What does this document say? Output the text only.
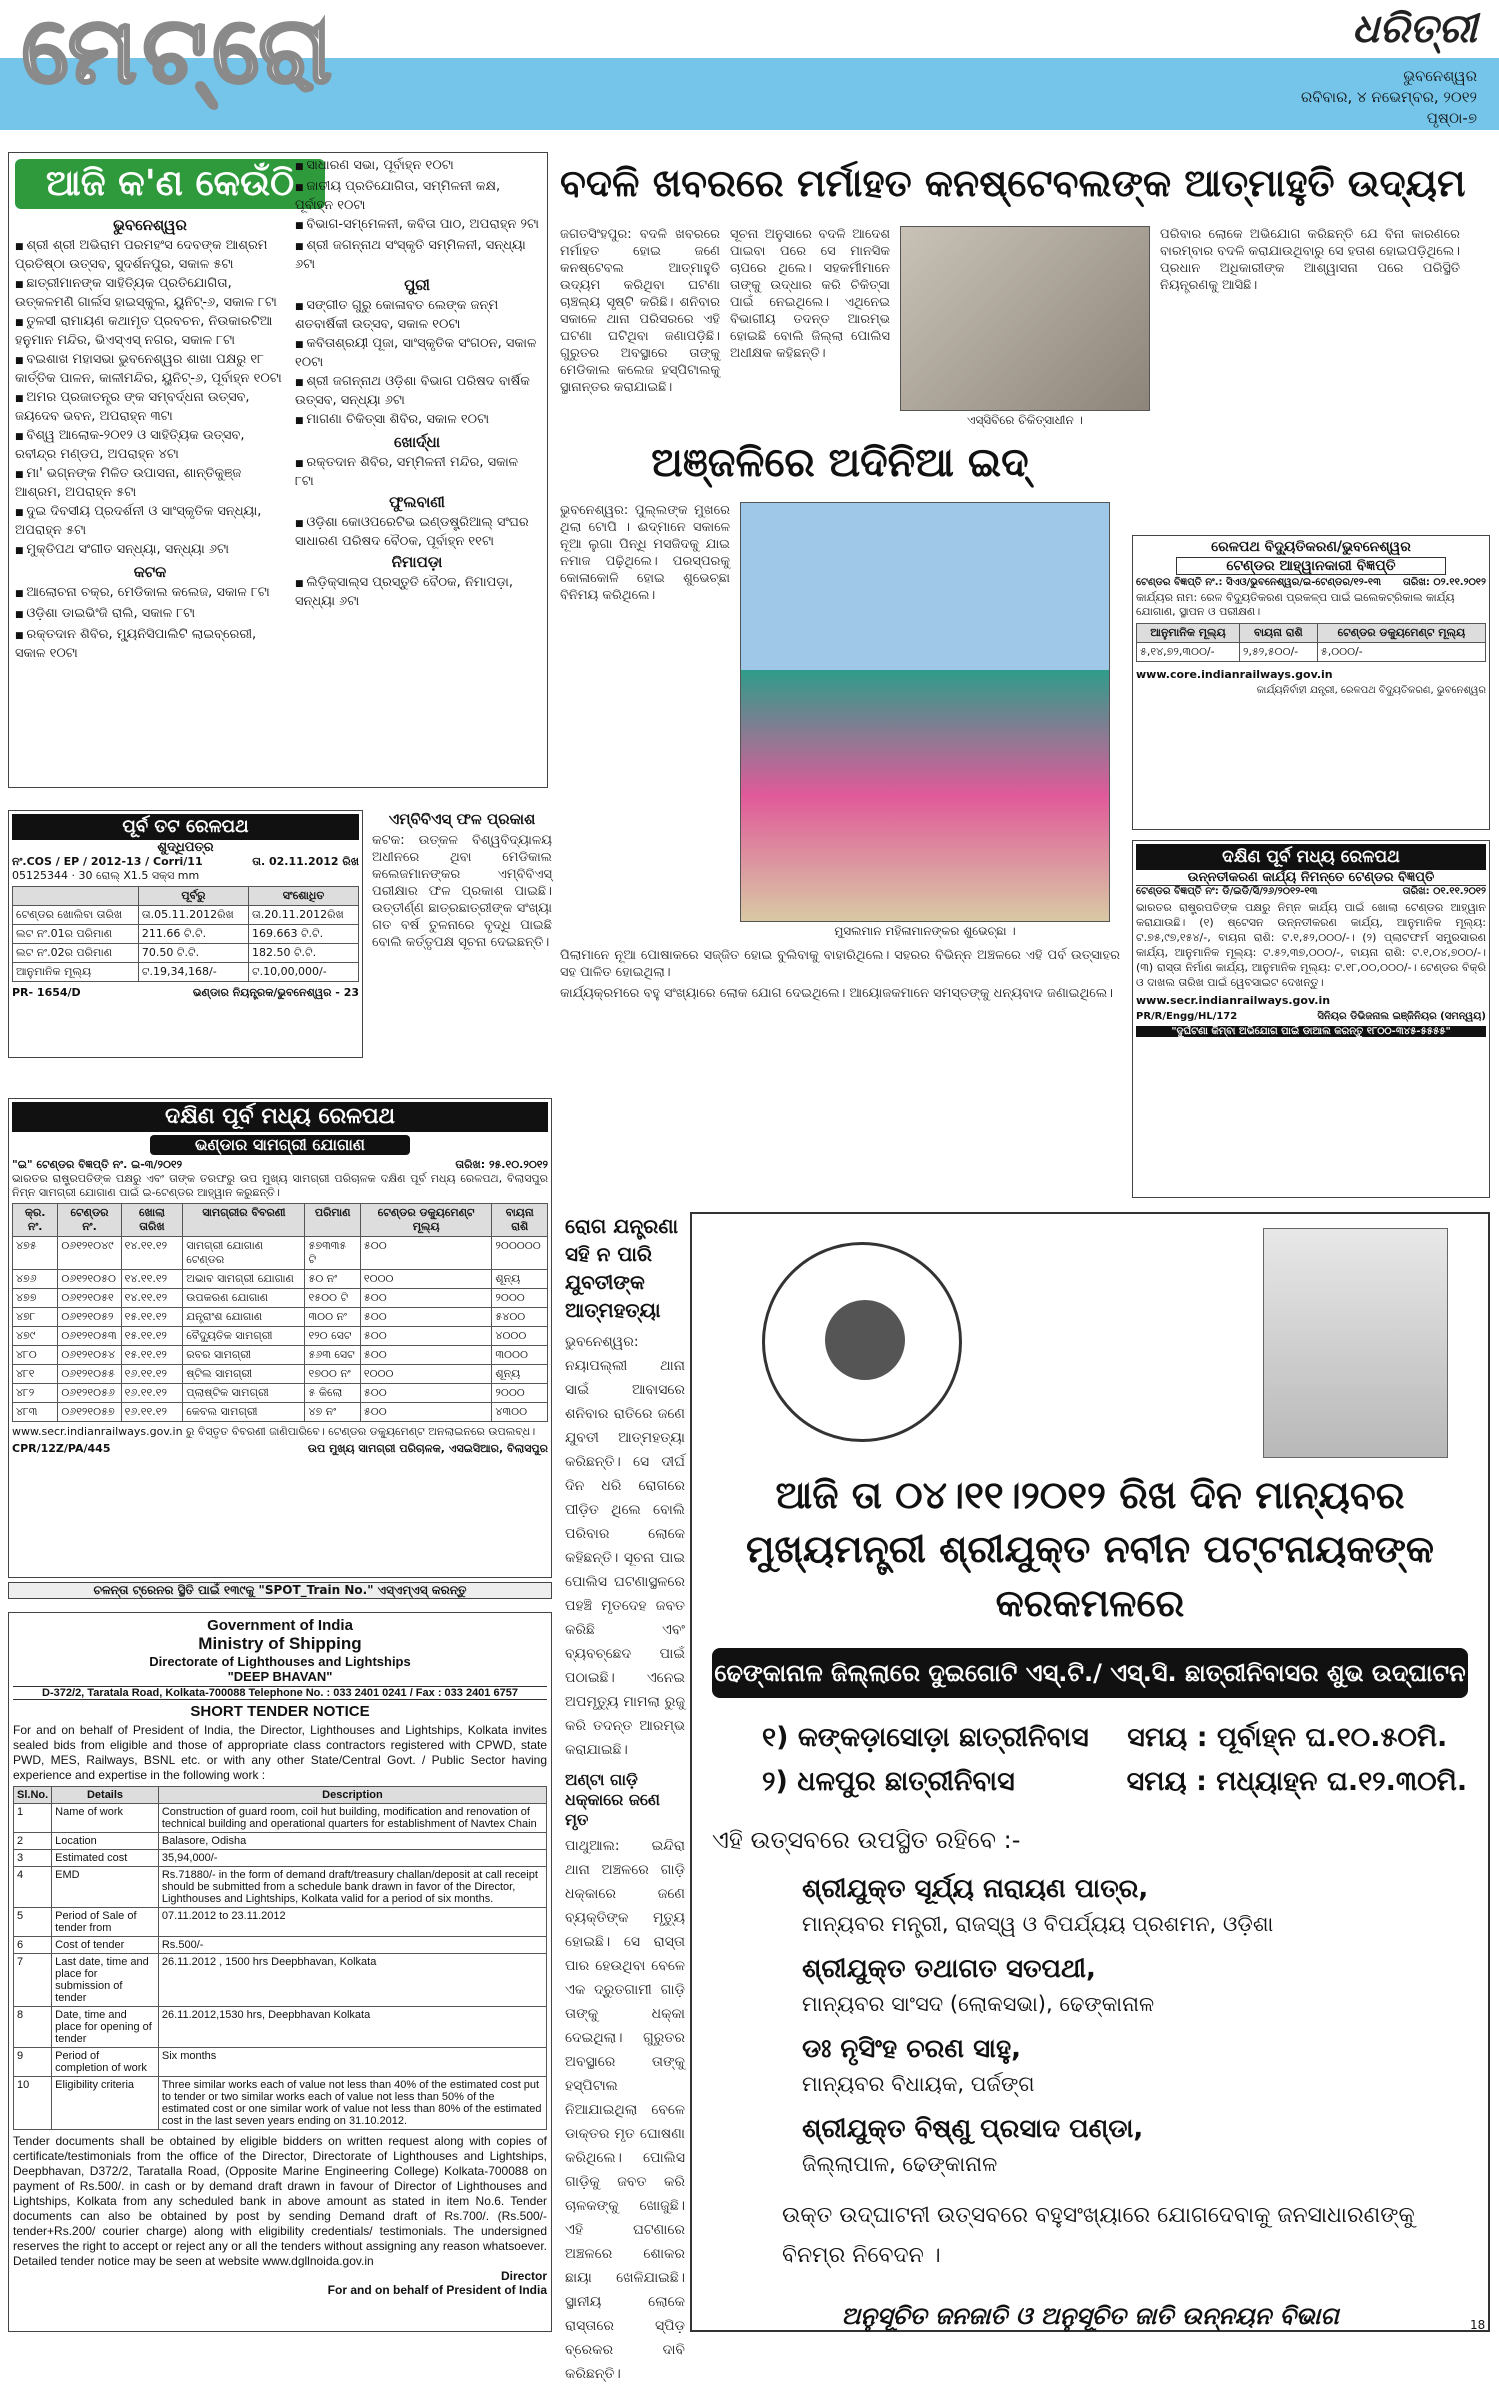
ମେଟ୍ରୋ	ଧରିତ୍ରୀ
ଭୁବନେଶ୍ୱର
ରବିବାର, ୪ ନଭେମ୍ବର, ୨୦୧୨
ପୃଷ୍ଠା-୭
ଆଜି କ'ଣ କେଉଁଠି
ଭୁବନେଶ୍ୱର
■ ଶ୍ରୀ ଶ୍ରୀ ଅଭିରାମ ପରମହଂସ ଦେବଙ୍କ ଆଶ୍ରମ ପ୍ରତିଷ୍ଠା ଉତ୍ସବ, ସୁଦର୍ଶନପୁର, ସକାଳ ୫ଟା
■ ଛାତ୍ରୀମାନଙ୍କ ସାହିତ୍ୟିକ ପ୍ରତିଯୋଗିତା, ଉତ୍କଳମଣି ଗାର୍ଲସ ହାଇସ୍କୁଲ, ୟୁନିଟ୍-୬, ସକାଳ ୮ଟା
■ ତୁଳସୀ ରାମାୟଣ କଥାମୃତ ପ୍ରବଚନ, ନିଉକାରଟିଆ ହନୁମାନ ମନ୍ଦିର, ଭିଏସ୍ଏସ୍ ନଗର, ସକାଳ ୮ଟା
■ ବଇଶାଖ ମହାସଭା ଭୁବନେଶ୍ୱର ଶାଖା ପକ୍ଷରୁ ୧୮ କାର୍ତ୍ତିକ ପାଳନ, କାଳୀମନ୍ଦିର, ୟୁନିଟ୍-୬, ପୂର୍ବାହ୍ନ ୧୦ଟା
■ ଅମର ପ୍ରଜାତନ୍ତ୍ର ଙ୍କ ସମ୍ବର୍ଦ୍ଧନା ଉତ୍ସବ, ଜୟଦେବ ଭବନ, ଅପରାହ୍ନ ୩ଟା
■ ବିଶ୍ୱ ଆଲୋକ-୨୦୧୨ ଓ ସାହିତ୍ୟିକ ଉତ୍ସବ, ରବୀନ୍ଦ୍ର ମଣ୍ଡପ, ଅପରାହ୍ନ ୪ଟା
■ ମା' ଭଗ୍ନଙ୍କ ମିଳିତ ଉପାସନା, ଶାନ୍ତିକୁଞ୍ଜ ଆଶ୍ରମ, ଅପରାହ୍ନ ୫ଟା
■ ଦୁଇ ଦିବସୀୟ ପ୍ରଦର୍ଶନୀ ଓ ସାଂସ୍କୃତିକ ସନ୍ଧ୍ୟା, ଅପରାହ୍ନ ୫ଟା
■ ମୁକ୍ତିପଥ ସଂଗୀତ ସନ୍ଧ୍ୟା, ସନ୍ଧ୍ୟା ୬ଟା
କଟକ
■ ଆଲୋଚନା ଚକ୍ର, ମେଡିକାଲ କଲେଜ, ସକାଳ ୮ଟା
■ ଓଡ଼ିଶା ଡାଇଭିଂଜି ରାଲି, ସକାଳ ୮ଟା
■ ରକ୍ତଦାନ ଶିବିର, ମ୍ୟୁନିସିପାଲିଟି ଲାଇବ୍ରେରୀ, ସକାଳ ୧୦ଟା
■ ସାଧାରଣ ସଭା, ପୂର୍ବାହ୍ନ ୧୦ଟା
■ ଜାତୀୟ ପ୍ରତିଯୋଗିତା, ସମ୍ମିଳନୀ କକ୍ଷ, ପୂର୍ବାହ୍ନ ୧୦ଟା
■ ବିଭାଗ-ସମ୍ମେଳନୀ, କବିତା ପାଠ, ଅପରାହ୍ନ ୨ଟା
■ ଶ୍ରୀ ଜଗନ୍ନାଥ ସଂସ୍କୃତି ସମ୍ମିଳନୀ, ସନ୍ଧ୍ୟା ୬ଟା
ପୁରୀ
■ ସଙ୍ଗୀତ ଗୁରୁ କୋଳାବତ ଲେଙ୍କ ଜନ୍ମ ଶତବାର୍ଷିକୀ ଉତ୍ସବ, ସକାଳ ୧୦ଟା
■ କବିତାଶ୍ରୟୀ ପୂଜା, ସାଂସ୍କୃତିକ ସଂଗଠନ, ସକାଳ ୧୦ଟା
■ ଶ୍ରୀ ଜଗନ୍ନାଥ ଓଡ଼ିଶା ବିଭାଗ ପରିଷଦ ବାର୍ଷିକ ଉତ୍ସବ, ସନ୍ଧ୍ୟା ୬ଟା
■ ମାଗଣା ଚିକିତ୍ସା ଶିବିର, ସକାଳ ୧୦ଟା
ଖୋର୍ଦ୍ଧା
■ ରକ୍ତଦାନ ଶିବିର, ସମ୍ମିଳନୀ ମନ୍ଦିର, ସକାଳ ୮ଟା
ଫୁଲବାଣୀ
■ ଓଡ଼ିଶା କୋଓପରେଟିଭ ଇଣ୍ଡଷ୍ଟ୍ରିଆଲ୍ ସଂଘର ସାଧାରଣ ପରିଷଦ ବୈଠକ, ପୂର୍ବାହ୍ନ ୧୧ଟା
ନିମାପଡ଼ା
■ ଲିଡ଼ିକ୍ସାଲ୍ସ ପ୍ରସ୍ତୁତି ବୈଠକ, ନିମାପଡ଼ା, ସନ୍ଧ୍ୟା ୬ଟା
ବଦଳି ଖବରରେ ମର୍ମାହତ କନଷ୍ଟେବଲଙ୍କ ଆତ୍ମାହୁତି ଉଦ୍ୟମ
ଜଗତସିଂହପୁର: ବଦଳି ଖବରରେ ମର୍ମାହତ ହୋଇ ଜଣେ କନଷ୍ଟେବଲ ଆତ୍ମାହୁତି ଉଦ୍ୟମ କରିଥିବା ଘଟଣା ଚାଞ୍ଚଲ୍ୟ ସୃଷ୍ଟି କରିଛି। ଶନିବାର ସକାଳେ ଥାନା ପରିସରରେ ଏହି ଘଟଣା ଘଟିଥିବା ଜଣାପଡ଼ିଛି। ଗୁରୁତର ଅବସ୍ଥାରେ ତାଙ୍କୁ ମେଡିକାଲ କଲେଜ ହସ୍ପିଟାଲକୁ ସ୍ଥାନାନ୍ତର କରାଯାଇଛି।
ସୂଚନା ଅନୁସାରେ ବଦଳି ଆଦେଶ ପାଇବା ପରେ ସେ ମାନସିକ ଚାପରେ ଥିଲେ। ସହକର୍ମୀମାନେ ତାଙ୍କୁ ଉଦ୍ଧାର କରି ଚିକିତ୍ସା ପାଇଁ ନେଇଥିଲେ। ଏଥିନେଇ ବିଭାଗୀୟ ତଦନ୍ତ ଆରମ୍ଭ ହୋଇଛି ବୋଲି ଜିଲ୍ଲା ପୋଲିସ ଅଧୀକ୍ଷକ କହିଛନ୍ତି।
ଏସ୍‌ସିବିରେ ଚିକିତ୍ସାଧୀନ ।
ପରିବାର ଲୋକେ ଅଭିଯୋଗ କରିଛନ୍ତି ଯେ ବିନା କାରଣରେ ବାରମ୍ବାର ବଦଳି କରାଯାଉଥିବାରୁ ସେ ହତାଶ ହୋଇପଡ଼ିଥିଲେ। ପ୍ରଧାନ ଅଧିକାରୀଙ୍କ ଆଶ୍ୱାସନା ପରେ ପରିସ୍ଥିତି ନିୟନ୍ତ୍ରଣକୁ ଆସିଛି।
ଅଞ୍ଜଳିରେ ଅଦିନିଆ ଇଦ୍
ଭୁବନେଶ୍ୱର: ପୁଲ୍ଲଙ୍କ ମୁଖରେ ଥିଲା ଟୋପି । ଈଦ୍‌ମାନେ ସକାଳେ ନୂଆ ଲୁଗା ପିନ୍ଧି ମସଜିଦକୁ ଯାଇ ନମାଜ ପଢ଼ିଥିଲେ। ପରସ୍ପରକୁ କୋଳାକୋଳି ହୋଇ ଶୁଭେଚ୍ଛା ବିନିମୟ କରିଥିଲେ।
ମୁସଲମାନ ମହିଳାମାନଙ୍କର ଶୁଭେଚ୍ଛା ।
ପିଲାମାନେ ନୂଆ ପୋଷାକରେ ସଜ୍ଜିତ ହୋଇ ବୁଲିବାକୁ ବାହାରିଥିଲେ। ସହରର ବିଭିନ୍ନ ଅଞ୍ଚଳରେ ଏହି ପର୍ବ ଉତ୍ସାହର ସହ ପାଳିତ ହୋଇଥିଲା।
କାର୍ଯ୍ୟକ୍ରମରେ ବହୁ ସଂଖ୍ୟାରେ ଲୋକ ଯୋଗ ଦେଇଥିଲେ। ଆୟୋଜକମାନେ ସମସ୍ତଙ୍କୁ ଧନ୍ୟବାଦ ଜଣାଇଥିଲେ।
ପୂର୍ବ ତଟ ରେଳପଥ
ଶୁଦ୍ଧିପତ୍ର
ନଂ.COS / EP / 2012-13 / Corri/11	ତା. 02.11.2012 ରିଖ
05125344 · 30 ରୋଲ୍ X1.5 ସକ୍ସ mm
	ପୂର୍ବରୁ	ସଂଶୋଧିତ
ଟେଣ୍ଡର ଖୋଲିବା ତାରିଖ	ତା.05.11.2012ରିଖ	ତା.20.11.2012ରିଖ
ଲଟ ନଂ.01ର ପରିମାଣ	211.66 ଟି.ଟି.	169.663 ଟି.ଟି.
ଲଟ ନଂ.02ର ପରିମାଣ	70.50 ଟି.ଟି.	182.50 ଟି.ଟି.
ଆନୁମାନିକ ମୂଲ୍ୟ	ଟ.19,34,168/-	ଟ.10,00,000/-
PR- 1654/D	ଭଣ୍ଡାର ନିୟନ୍ତ୍ରକ/ଭୁବନେଶ୍ୱର - 23
ଏମ୍‌ବିବିଏସ୍ ଫଳ ପ୍ରକାଶ
କଟକ: ଉତ୍କଳ ବିଶ୍ୱବିଦ୍ୟାଳୟ ଅଧୀନରେ ଥିବା ମେଡିକାଲ କଲେଜମାନଙ୍କର ଏମ୍‌ବିବିଏସ୍ ପରୀକ୍ଷାର ଫଳ ପ୍ରକାଶ ପାଇଛି। ଉତ୍ତୀର୍ଣ୍ଣ ଛାତ୍ରଛାତ୍ରୀଙ୍କ ସଂଖ୍ୟା ଗତ ବର୍ଷ ତୁଳନାରେ ବୃଦ୍ଧି ପାଇଛି ବୋଲି କର୍ତ୍ତୃପକ୍ଷ ସୂଚନା ଦେଇଛନ୍ତି।
ଦକ୍ଷିଣ ପୂର୍ବ ମଧ୍ୟ ରେଳପଥ
ଭଣ୍ଡାର ସାମଗ୍ରୀ ଯୋଗାଣ
"ଇ" ଟେଣ୍ଡର ବିଜ୍ଞପ୍ତି ନଂ. ଇ-୩/୨୦୧୨	ତାରିଖ: ୨୫.୧୦.୨୦୧୨
ଭାରତର ରାଷ୍ଟ୍ରପତିଙ୍କ ପକ୍ଷରୁ ଏବଂ ତାଙ୍କ ତରଫରୁ ଉପ ମୁଖ୍ୟ ସାମଗ୍ରୀ ପରିଚାଳକ ଦକ୍ଷିଣ ପୂର୍ବ ମଧ୍ୟ ରେଳପଥ, ବିଲାସପୁର ନିମ୍ନ ସାମଗ୍ରୀ ଯୋଗାଣ ପାଇଁ ଇ-ଟେଣ୍ଡର ଆହ୍ୱାନ କରୁଛନ୍ତି।
କ୍ର. ନଂ.	ଟେଣ୍ଡର ନଂ.	ଖୋଲା ତାରିଖ	ସାମଗ୍ରୀର ବିବରଣୀ	ପରିମାଣ	ଟେଣ୍ଡର ଡକ୍ୟୁମେଣ୍ଟ ମୂଲ୍ୟ	ବାୟନା ରାଶି
୪୭୫	୦୬୧୨୧୦୪୯	୧୪.୧୧.୧୨	ସାମଗ୍ରୀ ଯୋଗାଣ ଟେଣ୍ଡର	୫୭୩୩୫ ଟି	୫୦୦	୨୦୦୦୦୦
୪୭୬	୦୬୧୨୧୦୫୦	୧୪.୧୧.୧୨	ଅଭାବ ସାମଗ୍ରୀ ଯୋଗାଣ	୫୦ ନଂ	୧୦୦୦	ଶୂନ୍ୟ
୪୭୭	୦୬୧୨୧୦୫୧	୧୪.୧୧.୧୨	ଉପକରଣ ଯୋଗାଣ	୧୫୦୦ ଟି	୫୦୦	୨୦୦୦
୪୭୮	୦୬୧୨୧୦୫୨	୧୫.୧୧.୧୨	ଯନ୍ତ୍ରାଂଶ ଯୋଗାଣ	୩୦୦ ନଂ	୫୦୦	୫୪୦୦
୪୭୯	୦୬୧୨୧୦୫୩	୧୫.୧୧.୧୨	ବୈଦ୍ୟୁତିକ ସାମଗ୍ରୀ	୧୨୦ ସେଟ	୫୦୦	୪୦୦୦
୪୮୦	୦୬୧୨୧୦୫୪	୧୫.୧୧.୧୨	ରବର ସାମଗ୍ରୀ	୫୬୩ ସେଟ	୫୦୦	୩୦୦୦
୪୮୧	୦୬୧୨୧୦୫୫	୧୬.୧୧.୧୨	ଷ୍ଟିଲ ସାମଗ୍ରୀ	୧୭୦୦ ନଂ	୧୦୦୦	ଶୂନ୍ୟ
୪୮୨	୦୬୧୨୧୦୫୬	୧୬.୧୧.୧୨	ପ୍ଲାଷ୍ଟିକ ସାମଗ୍ରୀ	୫ କିଲୋ	୫୦୦	୨୦୦୦
୪୮୩	୦୬୧୨୧୦୫୭	୧୬.୧୧.୧୨	କେବଲ ସାମଗ୍ରୀ	୪୭ ନଂ	୫୦୦	୪୩୦୦
www.secr.indianrailways.gov.in ରୁ ବିସ୍ତୃତ ବିବରଣୀ ଜାଣିପାରିବେ। ଟେଣ୍ଡର ଡକ୍ୟୁମେଣ୍ଟ ଅନଲାଇନରେ ଉପଲବ୍ଧ।
CPR/12Z/PA/445	ଉପ ମୁଖ୍ୟ ସାମଗ୍ରୀ ପରିଚାଳକ, ଏସଇସିଆର, ବିଲାସପୁର
ଚଳନ୍ତା ଟ୍ରେନର ସ୍ଥିତି ପାଇଁ ୧୩୯କୁ "SPOT_Train No." ଏସ୍‌ଏମ୍‌ଏସ୍ କରନ୍ତୁ
Government of India
Ministry of Shipping
Directorate of Lighthouses and Lightships
"DEEP BHAVAN"
D-372/2, Taratala Road, Kolkata-700088 Telephone No. : 033 2401 0241 / Fax : 033 2401 6757
SHORT TENDER NOTICE
For and on behalf of President of India, the Director, Lighthouses and Lightships, Kolkata invites sealed bids from eligible and those of appropriate class contractors registered with CPWD, state PWD, MES, Railways, BSNL etc. or with any other State/Central Govt. / Public Sector having experience and expertise in the following work :
Sl.No.	Details	Description
1	Name of work	Construction of guard room, coil hut building, modification and renovation of technical building and operational quarters for establishment of Navtex Chain
2	Location	Balasore, Odisha
3	Estimated cost	35,94,000/-
4	EMD	Rs.71880/- in the form of demand draft/treasury challan/deposit at call receipt should be submitted from a schedule bank drawn in favor of the Director, Lighthouses and Lightships, Kolkata valid for a period of six months.
5	Period of Sale of tender from	07.11.2012 to 23.11.2012
6	Cost of tender	Rs.500/-
7	Last date, time and place for submission of tender	26.11.2012 , 1500 hrs Deepbhavan, Kolkata
8	Date, time and place for opening of tender	26.11.2012,1530 hrs, Deepbhavan Kolkata
9	Period of completion of work	Six months
10	Eligibility criteria	Three similar works each of value not less than 40% of the estimated cost put to tender or two similar works each of value not less than 50% of the estimated cost or one similar work of value not less than 80% of the estimated cost in the last seven years ending on 31.10.2012.
Tender documents shall be obtained by eligible bidders on written request along with copies of certificate/testimonials from the office of the Director, Directorate of Lighthouses and Lightships, Deepbhavan, D372/2, Taratalla Road, (Opposite Marine Engineering College) Kolkata-700088 on payment of Rs.500/. in cash or by demand draft drawn in favour of Director of Lighthouses and Lightships, Kolkata from any scheduled bank in above amount as stated in item No.6. Tender documents can also be obtained by post by sending Demand draft of Rs.700/. (Rs.500/- tender+Rs.200/ courier charge) along with eligibility credentials/ testimonials. The undersigned reserves the right to accept or reject any or all the tenders without assigning any reason whatsoever. Detailed tender notice may be seen at website www.dgllnoida.gov.in
Director
For and on behalf of President of India
ରୋଗ ଯନ୍ତ୍ରଣା ସହି ନ ପାରି ଯୁବତୀଙ୍କ ଆତ୍ମହତ୍ୟା
ଭୁବନେଶ୍ୱର: ନୟାପଲ୍ଲୀ ଥାନା ସାଇଁ ଆବାସରେ ଶନିବାର ରାତିରେ ଜଣେ ଯୁବତୀ ଆତ୍ମହତ୍ୟା କରିଛନ୍ତି। ସେ ଦୀର୍ଘ ଦିନ ଧରି ରୋଗରେ ପୀଡ଼ିତ ଥିଲେ ବୋଲି ପରିବାର ଲୋକେ କହିଛନ୍ତି। ସୂଚନା ପାଇ ପୋଲିସ ଘଟଣାସ୍ଥଳରେ ପହଞ୍ଚି ମୃତଦେହ ଜବତ କରିଛି ଏବଂ ବ୍ୟବଚ୍ଛେଦ ପାଇଁ ପଠାଇଛି। ଏନେଇ ଅପମୃତ୍ୟୁ ମାମଲା ରୁଜୁ କରି ତଦନ୍ତ ଆରମ୍ଭ କରାଯାଇଛି।
ଅଣ୍ଟା ଗାଡ଼ି
ଧକ୍କାରେ ଜଣେ ମୃତ
ପାଥୁଆଲ: ଇନ୍ଦିରା ଥାନା ଅଞ୍ଚଳରେ ଗାଡ଼ି ଧକ୍କାରେ ଜଣେ ବ୍ୟକ୍ତିଙ୍କ ମୃତ୍ୟୁ ହୋଇଛି। ସେ ରାସ୍ତା ପାର ହେଉଥିବା ବେଳେ ଏକ ଦ୍ରୁତଗାମୀ ଗାଡ଼ି ତାଙ୍କୁ ଧକ୍କା ଦେଇଥିଲା। ଗୁରୁତର ଅବସ୍ଥାରେ ତାଙ୍କୁ ହସ୍ପିଟାଲ ନିଆଯାଇଥିଲା ବେଳେ ଡାକ୍ତର ମୃତ ଘୋଷଣା କରିଥିଲେ। ପୋଲିସ ଗାଡ଼ିକୁ ଜବତ କରି ଚାଳକଙ୍କୁ ଖୋଜୁଛି। ଏହି ଘଟଣାରେ ଅଞ୍ଚଳରେ ଶୋକର ଛାୟା ଖେଳିଯାଇଛି। ସ୍ଥାନୀୟ ଲୋକେ ରାସ୍ତାରେ ସ୍ପିଡ଼ ବ୍ରେକର ଦାବି କରିଛନ୍ତି।
ରେଳପଥ ବିଦ୍ୟୁତିକରଣ/ଭୁବନେଶ୍ୱର
ଟେଣ୍ଡର ଆହ୍ୱାନକାରୀ ବିଜ୍ଞପ୍ତି
ଟେଣ୍ଡର ବିଜ୍ଞପ୍ତି ନଂ.: ସିଏଓ/ଭୁବନେଶ୍ୱର/ଇ-ଟେଣ୍ଡର/୧୨-୧୩ ତାରିଖ: ୦୨.୧୧.୨୦୧୨
କାର୍ଯ୍ୟର ନାମ: ରେଳ ବିଦ୍ୟୁତିକରଣ ପ୍ରକଳ୍ପ ପାଇଁ ଇଲେକଟ୍ରିକାଲ କାର୍ଯ୍ୟ ଯୋଗାଣ, ସ୍ଥାପନ ଓ ପରୀକ୍ଷଣ।
ଆନୁମାନିକ ମୂଲ୍ୟ	ବାୟନା ରାଶି	ଟେଣ୍ଡର ଡକ୍ୟୁମେଣ୍ଟ ମୂଲ୍ୟ
୫,୧୪,୭୨,୩୦୦/-	୨,୫୨,୫୦୦/-	୫,୦୦୦/-
www.core.indianrailways.gov.in
କାର୍ଯ୍ୟନିର୍ବାହୀ ଯନ୍ତ୍ରୀ, ରେଳପଥ ବିଦ୍ୟୁତିକରଣ, ଭୁବନେଶ୍ୱର
ଦକ୍ଷିଣ ପୂର୍ବ ମଧ୍ୟ ରେଳପଥ
ଉନ୍ନତୀକରଣ କାର୍ଯ୍ୟ ନିମନ୍ତେ ଟେଣ୍ଡର ବିଜ୍ଞପ୍ତି
ଟେଣ୍ଡର ବିଜ୍ଞପ୍ତି ନଂ: ଡି/ଇଡି/ସି/୨୬/୨୦୧୨-୧୩	ତାରିଖ: ୦୧.୧୧.୨୦୧୨
ଭାରତର ରାଷ୍ଟ୍ରପତିଙ୍କ ପକ୍ଷରୁ ନିମ୍ନ କାର୍ଯ୍ୟ ପାଇଁ ଖୋଲା ଟେଣ୍ଡର ଆହ୍ୱାନ କରାଯାଉଛି। (୧) ଷ୍ଟେସନ ଉନ୍ନତୀକରଣ କାର୍ଯ୍ୟ, ଆନୁମାନିକ ମୂଲ୍ୟ: ଟ.୭୫,୯୭,୧୫୪/-, ବାୟନା ରାଶି: ଟ.୧,୫୨,୦୦୦/-। (୨) ପ୍ଲାଟଫର୍ମ ସମ୍ପ୍ରସାରଣ କାର୍ଯ୍ୟ, ଆନୁମାନିକ ମୂଲ୍ୟ: ଟ.୫୨,୩୭,୦୦୦/-, ବାୟନା ରାଶି: ଟ.୧,୦୪,୭୦୦/-। (୩) ରାସ୍ତା ନିର୍ମାଣ କାର୍ଯ୍ୟ, ଆନୁମାନିକ ମୂଲ୍ୟ: ଟ.୧୮,୦୦,୦୦୦/-। ଟେଣ୍ଡର ବିକ୍ରି ଓ ଦାଖଲ ତାରିଖ ପାଇଁ ୱେବସାଇଟ ଦେଖନ୍ତୁ।
www.secr.indianrailways.gov.in
PR/R/Engg/HL/172	ସିନିୟର ଡିଭିଜନାଲ ଇଞ୍ଜିନିୟର (ସମନ୍ୱୟ)
"ଦୁର୍ଘଟଣା କିମ୍ବା ଅଭିଯୋଗ ପାଇଁ ଡାଆଲ କରନ୍ତୁ ୧୮୦୦-୩୪୫-୫୫୫୫"
ଆଜି ତା ୦୪।୧୧।୨୦୧୨ ରିଖ ଦିନ ମାନ୍ୟବର
ମୁଖ୍ୟମନ୍ତ୍ରୀ ଶ୍ରୀଯୁକ୍ତ ନବୀନ ପଟ୍ଟନାୟକଙ୍କ କରକମଳରେ
ଢେଙ୍କାନାଳ ଜିଲ୍ଲାରେ ଦୁଇଗୋଟି ଏସ୍.ଟି./ ଏସ୍.ସି. ଛାତ୍ରୀନିବାସର ଶୁଭ ଉଦ୍‌ଘାଟନ
୧) କଙ୍କଡ଼ାସୋଡ଼ା ଛାତ୍ରୀନିବାସ ସମୟ : ପୂର୍ବାହ୍ନ ଘ.୧୦.୫୦ମି.
୨) ଧଳପୁର ଛାତ୍ରୀନିବାସ	ସମୟ : ମଧ୍ୟାହ୍ନ ଘ.୧୨.୩୦ମି.
ଏହି ଉତ୍ସବରେ ଉପସ୍ଥିତ ରହିବେ :-
ଶ୍ରୀଯୁକ୍ତ ସୂର୍ଯ୍ୟ ନାରାୟଣ ପାତ୍ର,
ମାନ୍ୟବର ମନ୍ତ୍ରୀ, ରାଜସ୍ୱ ଓ ବିପର୍ଯ୍ୟୟ ପ୍ରଶମନ, ଓଡ଼ିଶା
ଶ୍ରୀଯୁକ୍ତ ତଥାଗତ ସତପଥୀ,
ମାନ୍ୟବର ସାଂସଦ (ଲୋକସଭା), ଢେଙ୍କାନାଳ
ଡଃ ନୃସିଂହ ଚରଣ ସାହୁ,
ମାନ୍ୟବର ବିଧାୟକ, ପର୍ଜଙ୍ଗ
ଶ୍ରୀଯୁକ୍ତ ବିଷ୍ଣୁ ପ୍ରସାଦ ପଣ୍ଡା,
ଜିଲ୍ଲାପାଳ, ଢେଙ୍କାନାଳ
ଉକ୍ତ ଉଦ୍‌ଘାଟନୀ ଉତ୍ସବରେ ବହୁସଂଖ୍ୟାରେ ଯୋଗଦେବାକୁ ଜନସାଧାରଣଙ୍କୁ ବିନମ୍ର ନିବେଦନ ।
ଅନୁସୂଚିତ ଜନଜାତି ଓ ଅନୁସୂଚିତ ଜାତି ଉନ୍ନୟନ ବିଭାଗ	18
